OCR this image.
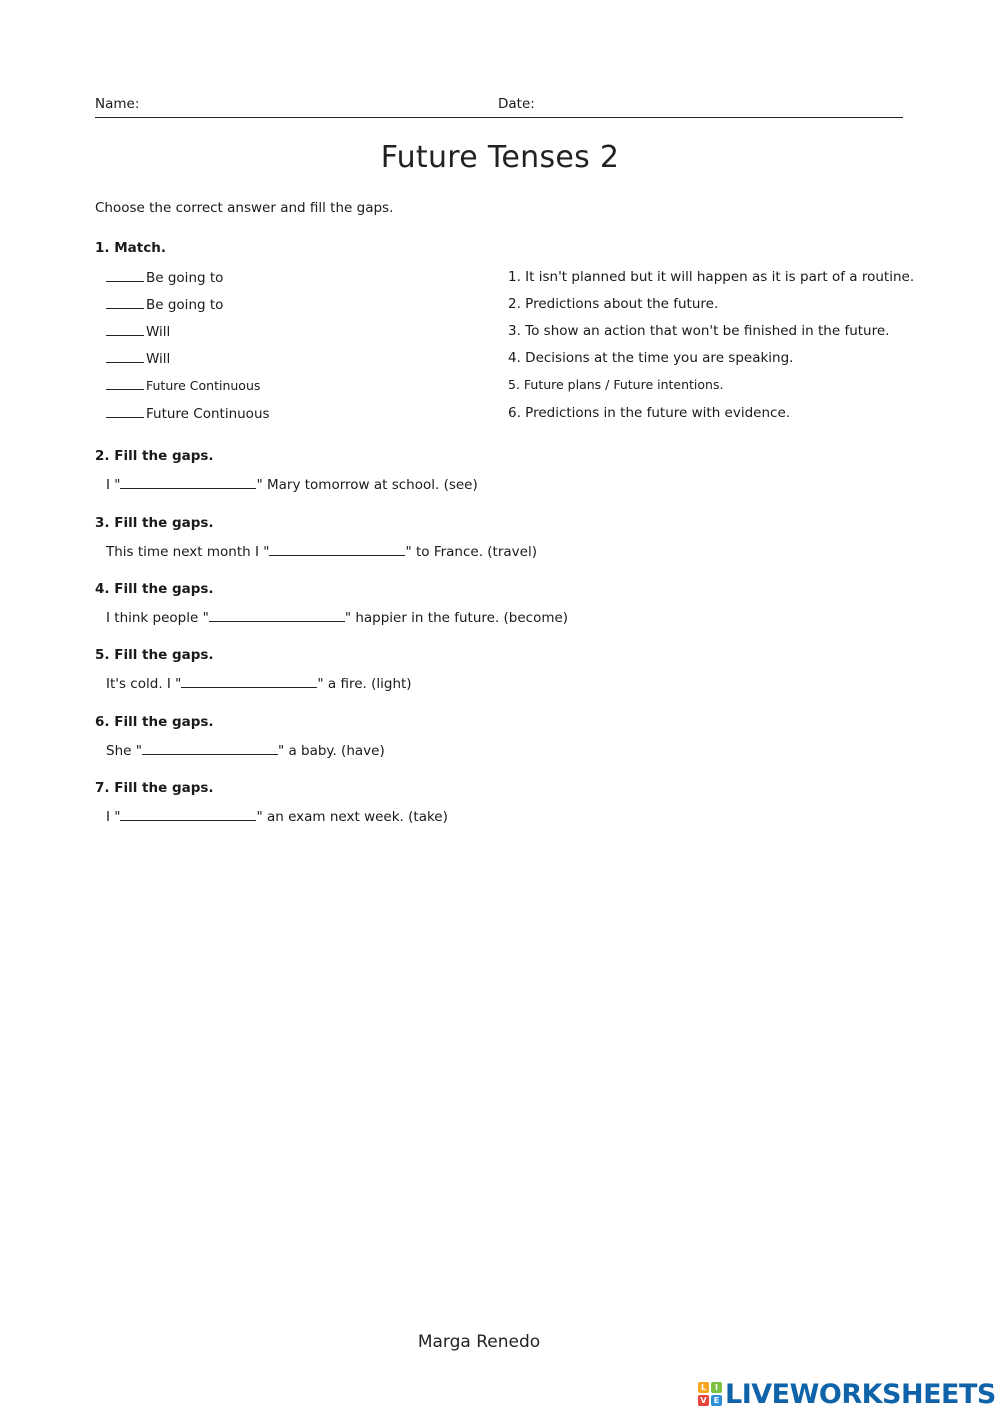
Name:	Date:
Future Tenses 2
Choose the correct answer and fill the gaps.
1. Match.
Be going to
Be going to
Will
Will
Future Continuous
Future Continuous
1. It isn't planned but it will happen as it is part of a routine.
2. Predictions about the future.
3. To show an action that won't be finished in the future.
4. Decisions at the time you are speaking.
5. Future plans / Future intentions.
6. Predictions in the future with evidence.
2. Fill the gaps.
I "	" Mary tomorrow at school. (see)
3. Fill the gaps.
This time next month I "	" to France. (travel)
4. Fill the gaps.
I think people "	" happier in the future. (become)
5. Fill the gaps.
It's cold. I "	" a fire. (light)
6. Fill the gaps.
She "	" a baby. (have)
7. Fill the gaps.
I "	" an exam next week. (take)
Marga Renedo
L	I
V E LIVEWORKSHEETS
